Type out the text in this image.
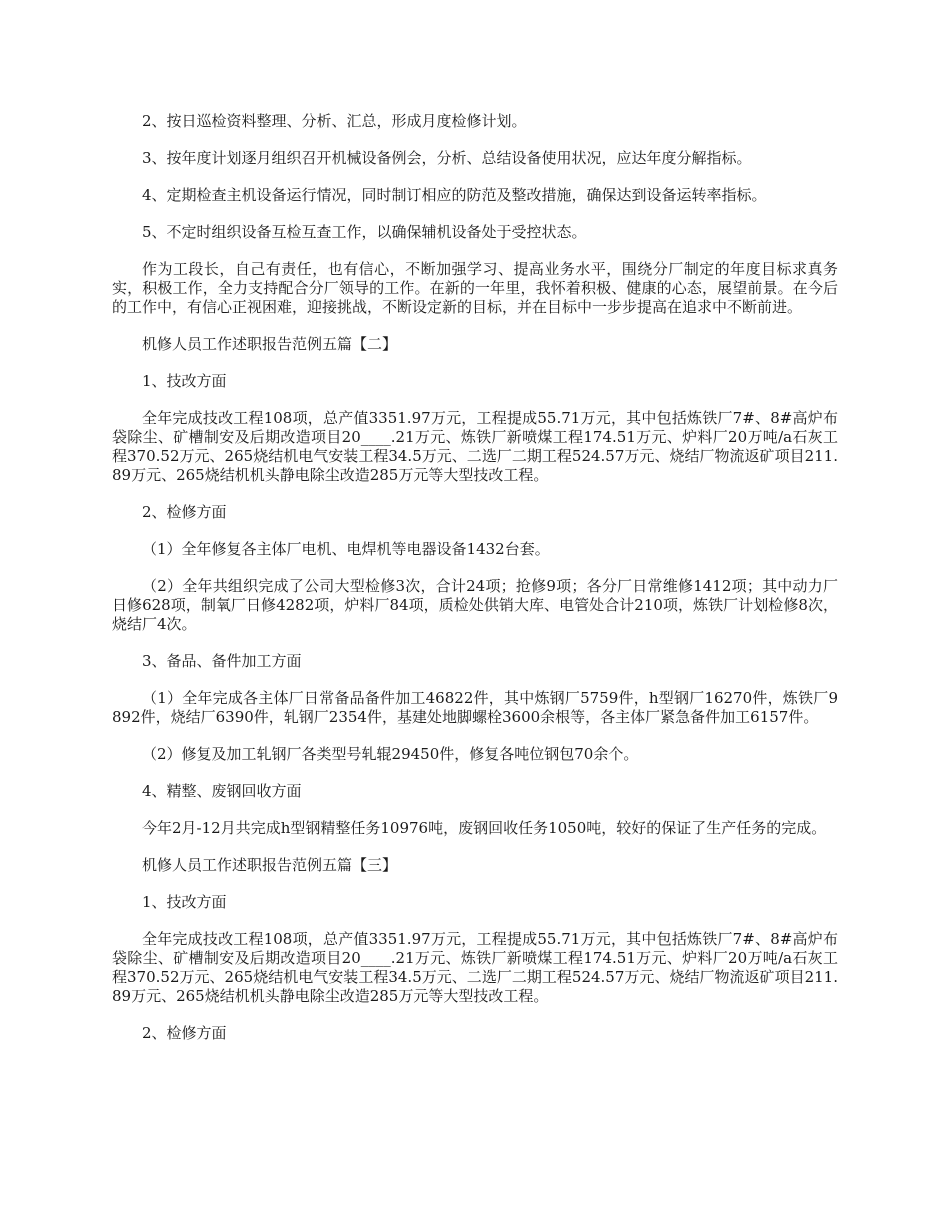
2、按日巡检资料整理、分析、汇总，形成月度检修计划。

3、按年度计划逐月组织召开机械设备例会，分析、总结设备使用状况，应达年度分解指标。

4、定期检查主机设备运行情况，同时制订相应的防范及整改措施，确保达到设备运转率指标。

5、不定时组织设备互检互查工作，以确保辅机设备处于受控状态。

作为工段长，自己有责任，也有信心，不断加强学习、提高业务水平，围绕分厂制定的年度目标求真务实，积极工作，全力支持配合分厂领导的工作。在新的一年里，我怀着积极、健康的心态，展望前景。在今后的工作中，有信心正视困难，迎接挑战，不断设定新的目标，并在目标中一步步提高在追求中不断前进。

机修人员工作述职报告范例五篇【二】

1、技改方面

全年完成技改工程108项，总产值3351.97万元，工程提成55.71万元，其中包括炼铁厂7#、8#高炉布袋除尘、矿槽制安及后期改造项目20____.21万元、炼铁厂新喷煤工程174.51万元、炉料厂20万吨/a石灰工程370.52万元、265烧结机电气安装工程34.5万元、二选厂二期工程524.57万元、烧结厂物流返矿项目211.89万元、265烧结机机头静电除尘改造285万元等大型技改工程。

2、检修方面

（1）全年修复各主体厂电机、电焊机等电器设备1432台套。

（2）全年共组织完成了公司大型检修3次，合计24项；抢修9项；各分厂日常维修1412项；其中动力厂日修628项，制氧厂日修4282项，炉料厂84项，质检处供销大库、电管处合计210项，炼铁厂计划检修8次，烧结厂4次。

3、备品、备件加工方面

（1）全年完成各主体厂日常备品备件加工46822件，其中炼钢厂5759件，h型钢厂16270件，炼铁厂9892件，烧结厂6390件，轧钢厂2354件，基建处地脚螺栓3600余根等，各主体厂紧急备件加工6157件。

（2）修复及加工轧钢厂各类型号轧辊29450件，修复各吨位钢包70余个。

4、精整、废钢回收方面

今年2月-12月共完成h型钢精整任务10976吨，废钢回收任务1050吨，较好的保证了生产任务的完成。

机修人员工作述职报告范例五篇【三】

1、技改方面

全年完成技改工程108项，总产值3351.97万元，工程提成55.71万元，其中包括炼铁厂7#、8#高炉布袋除尘、矿槽制安及后期改造项目20____.21万元、炼铁厂新喷煤工程174.51万元、炉料厂20万吨/a石灰工程370.52万元、265烧结机电气安装工程34.5万元、二选厂二期工程524.57万元、烧结厂物流返矿项目211.89万元、265烧结机机头静电除尘改造285万元等大型技改工程。

2、检修方面
